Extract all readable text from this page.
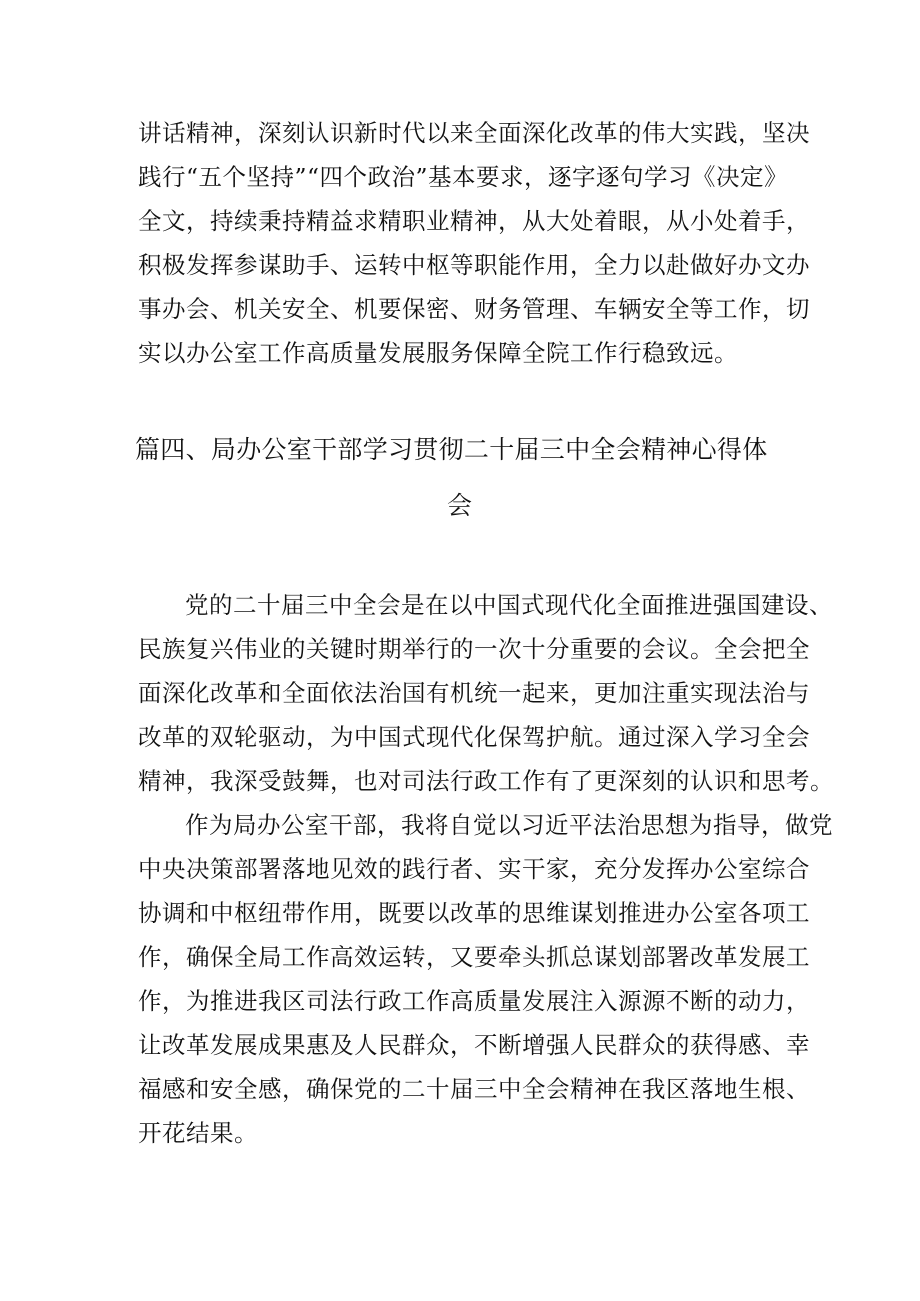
讲话精神，深刻认识新时代以来全面深化改革的伟大实践，坚决
践行“五个坚持”“四个政治”基本要求，逐字逐句学习《决定》
全文，持续秉持精益求精职业精神，从大处着眼，从小处着手，
积极发挥参谋助手、运转中枢等职能作用，全力以赴做好办文办
事办会、机关安全、机要保密、财务管理、车辆安全等工作，切
实以办公室工作高质量发展服务保障全院工作行稳致远。
篇四、局办公室干部学习贯彻二十届三中全会精神心得体
会
党的二十届三中全会是在以中国式现代化全面推进强国建设、
民族复兴伟业的关键时期举行的一次十分重要的会议。全会把全
面深化改革和全面依法治国有机统一起来，更加注重实现法治与
改革的双轮驱动，为中国式现代化保驾护航。通过深入学习全会
精神，我深受鼓舞，也对司法行政工作有了更深刻的认识和思考。
作为局办公室干部，我将自觉以习近平法治思想为指导，做党
中央决策部署落地见效的践行者、实干家，充分发挥办公室综合
协调和中枢纽带作用，既要以改革的思维谋划推进办公室各项工
作，确保全局工作高效运转，又要牵头抓总谋划部署改革发展工
作，为推进我区司法行政工作高质量发展注入源源不断的动力，
让改革发展成果惠及人民群众，不断增强人民群众的获得感、幸
福感和安全感，确保党的二十届三中全会精神在我区落地生根、
开花结果。
